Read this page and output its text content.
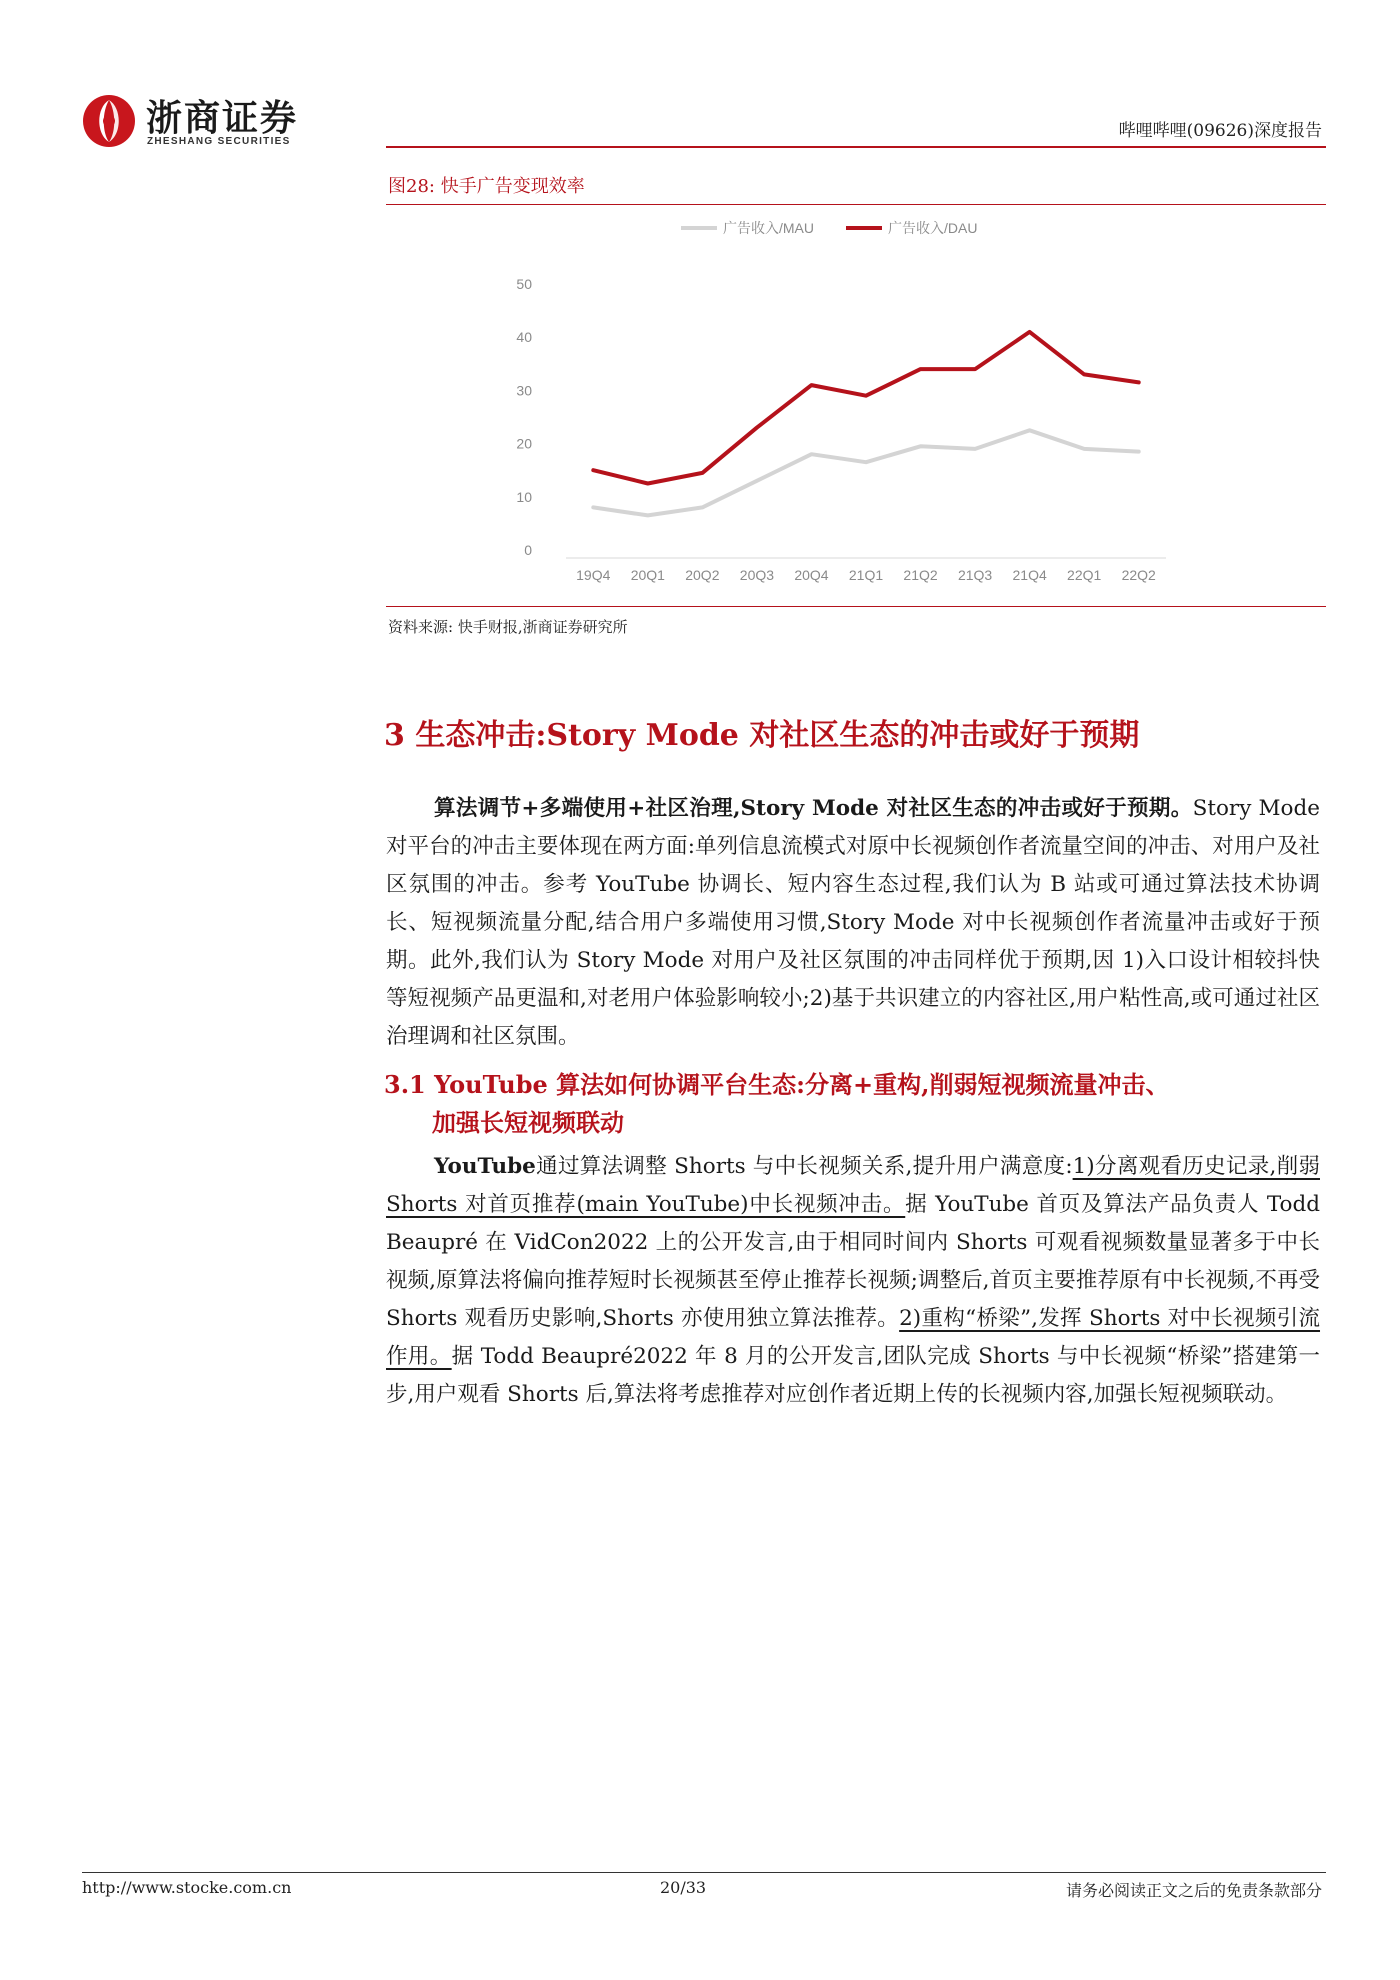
浙商证券
ZHESHANG SECURITIES
哔哩哔哩(09626)深度报告
图28: 快手广告变现效率
0
10
20
30
40
50
19Q4 20Q1 20Q2 20Q3 20Q4 21Q1 21Q2 21Q3 21Q4 22Q1 22Q2
广告收入/MAU	广告收入/DAU
资料来源: 快手财报,浙商证券研究所
3 生态冲击:Story Mode 对社区生态的冲击或好于预期
算法调节+多端使用+社区治理,Story Mode 对社区生态的冲击或好于预期。Story Mode 对平台的冲击主要体现在两方面:单列信息流模式对原中长视频创作者流量空间的冲击、对用户及社区氛围的冲击。参考 YouTube 协调长、短内容生态过程,我们认为 B 站或可通过算法技术协调长、短视频流量分配,结合用户多端使用习惯,Story Mode 对中长视频创作者流量冲击或好于预期。此外,我们认为 Story Mode 对用户及社区氛围的冲击同样优于预期,因 1)入口设计相较抖快等短视频产品更温和,对老用户体验影响较小;2)基于共识建立的内容社区,用户粘性高,或可通过社区治理调和社区氛围。
3.1 YouTube 算法如何协调平台生态:分离+重构,削弱短视频流量冲击、
加强长短视频联动
YouTube通过算法调整 Shorts 与中长视频关系,提升用户满意度:1)分离观看历史记录,削弱 Shorts 对首页推荐(main YouTube)中长视频冲击。据 YouTube 首页及算法产品负责人 Todd Beaupré 在 VidCon2022 上的公开发言,由于相同时间内 Shorts 可观看视频数量显著多于中长视频,原算法将偏向推荐短时长视频甚至停止推荐长视频;调整后,首页主要推荐原有中长视频,不再受 Shorts 观看历史影响,Shorts 亦使用独立算法推荐。2)重构“桥梁”,发挥 Shorts 对中长视频引流作用。据 Todd Beaupré2022 年 8 月的公开发言,团队完成 Shorts 与中长视频“桥梁”搭建第一步,用户观看 Shorts 后,算法将考虑推荐对应创作者近期上传的长视频内容,加强长短视频联动。
http://www.stocke.com.cn	20/33	请务必阅读正文之后的免责条款部分
